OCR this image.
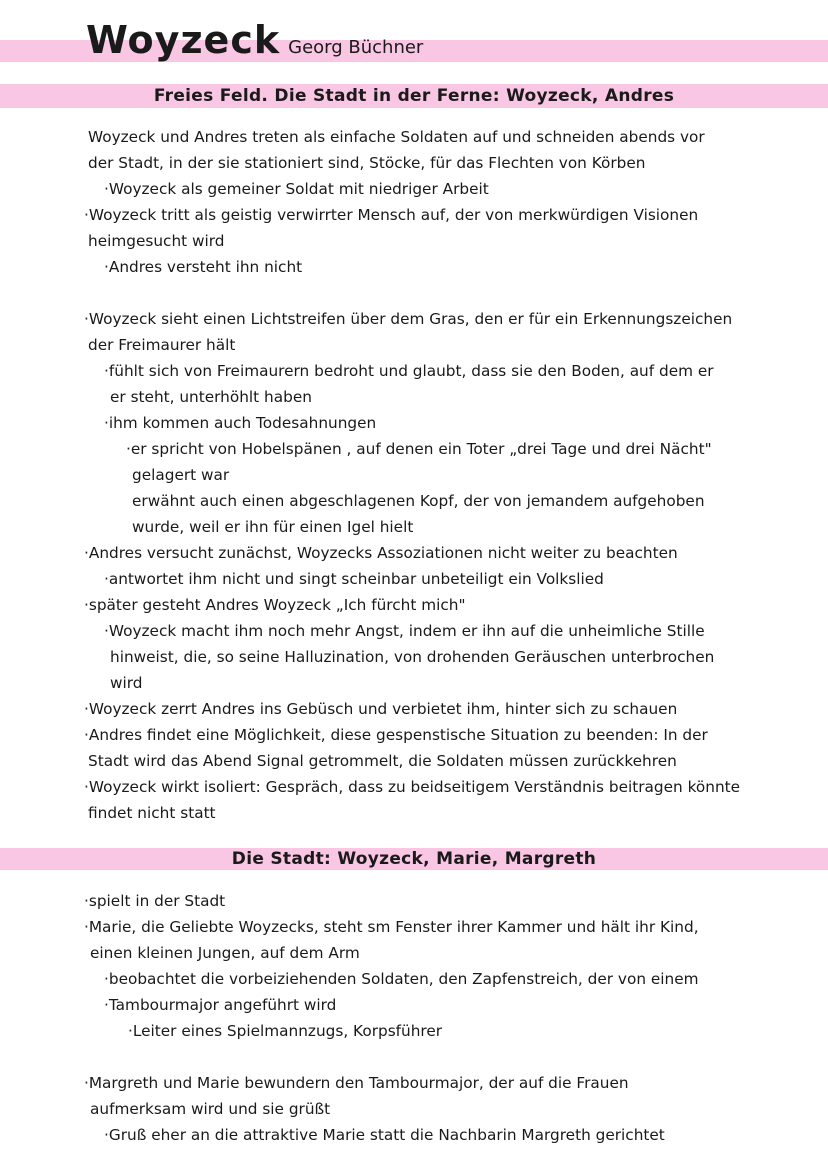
Woyzeck Georg Büchner
Freies Feld. Die Stadt in der Ferne: Woyzeck, Andres
Woyzeck und Andres treten als einfache Soldaten auf und schneiden abends vor
der Stadt, in der sie stationiert sind, Stöcke, für das Flechten von Körben
·Woyzeck als gemeiner Soldat mit niedriger Arbeit
·Woyzeck tritt als geistig verwirrter Mensch auf, der von merkwürdigen Visionen
heimgesucht wird
·Andres versteht ihn nicht
·Woyzeck sieht einen Lichtstreifen über dem Gras, den er für ein Erkennungszeichen
der Freimaurer hält
·fühlt sich von Freimaurern bedroht und glaubt, dass sie den Boden, auf dem er
er steht, unterhöhlt haben
·ihm kommen auch Todesahnungen
·er spricht von Hobelspänen , auf denen ein Toter „drei Tage und drei Nächt"
gelagert war
erwähnt auch einen abgeschlagenen Kopf, der von jemandem aufgehoben
wurde, weil er ihn für einen Igel hielt
·Andres versucht zunächst, Woyzecks Assoziationen nicht weiter zu beachten
·antwortet ihm nicht und singt scheinbar unbeteiligt ein Volkslied
·später gesteht Andres Woyzeck „Ich fürcht mich"
·Woyzeck macht ihm noch mehr Angst, indem er ihn auf die unheimliche Stille
hinweist, die, so seine Halluzination, von drohenden Geräuschen unterbrochen
wird
·Woyzeck zerrt Andres ins Gebüsch und verbietet ihm, hinter sich zu schauen
·Andres findet eine Möglichkeit, diese gespenstische Situation zu beenden: In der
Stadt wird das Abend Signal getrommelt, die Soldaten müssen zurückkehren
·Woyzeck wirkt isoliert: Gespräch, dass zu beidseitigem Verständnis beitragen könnte
findet nicht statt
Die Stadt: Woyzeck, Marie, Margreth
·spielt in der Stadt
·Marie, die Geliebte Woyzecks, steht sm Fenster ihrer Kammer und hält ihr Kind,
einen kleinen Jungen, auf dem Arm
·beobachtet die vorbeiziehenden Soldaten, den Zapfenstreich, der von einem
·Tambourmajor angeführt wird
·Leiter eines Spielmannzugs, Korpsführer
·Margreth und Marie bewundern den Tambourmajor, der auf die Frauen
aufmerksam wird und sie grüßt
·Gruß eher an die attraktive Marie statt die Nachbarin Margreth gerichtet
